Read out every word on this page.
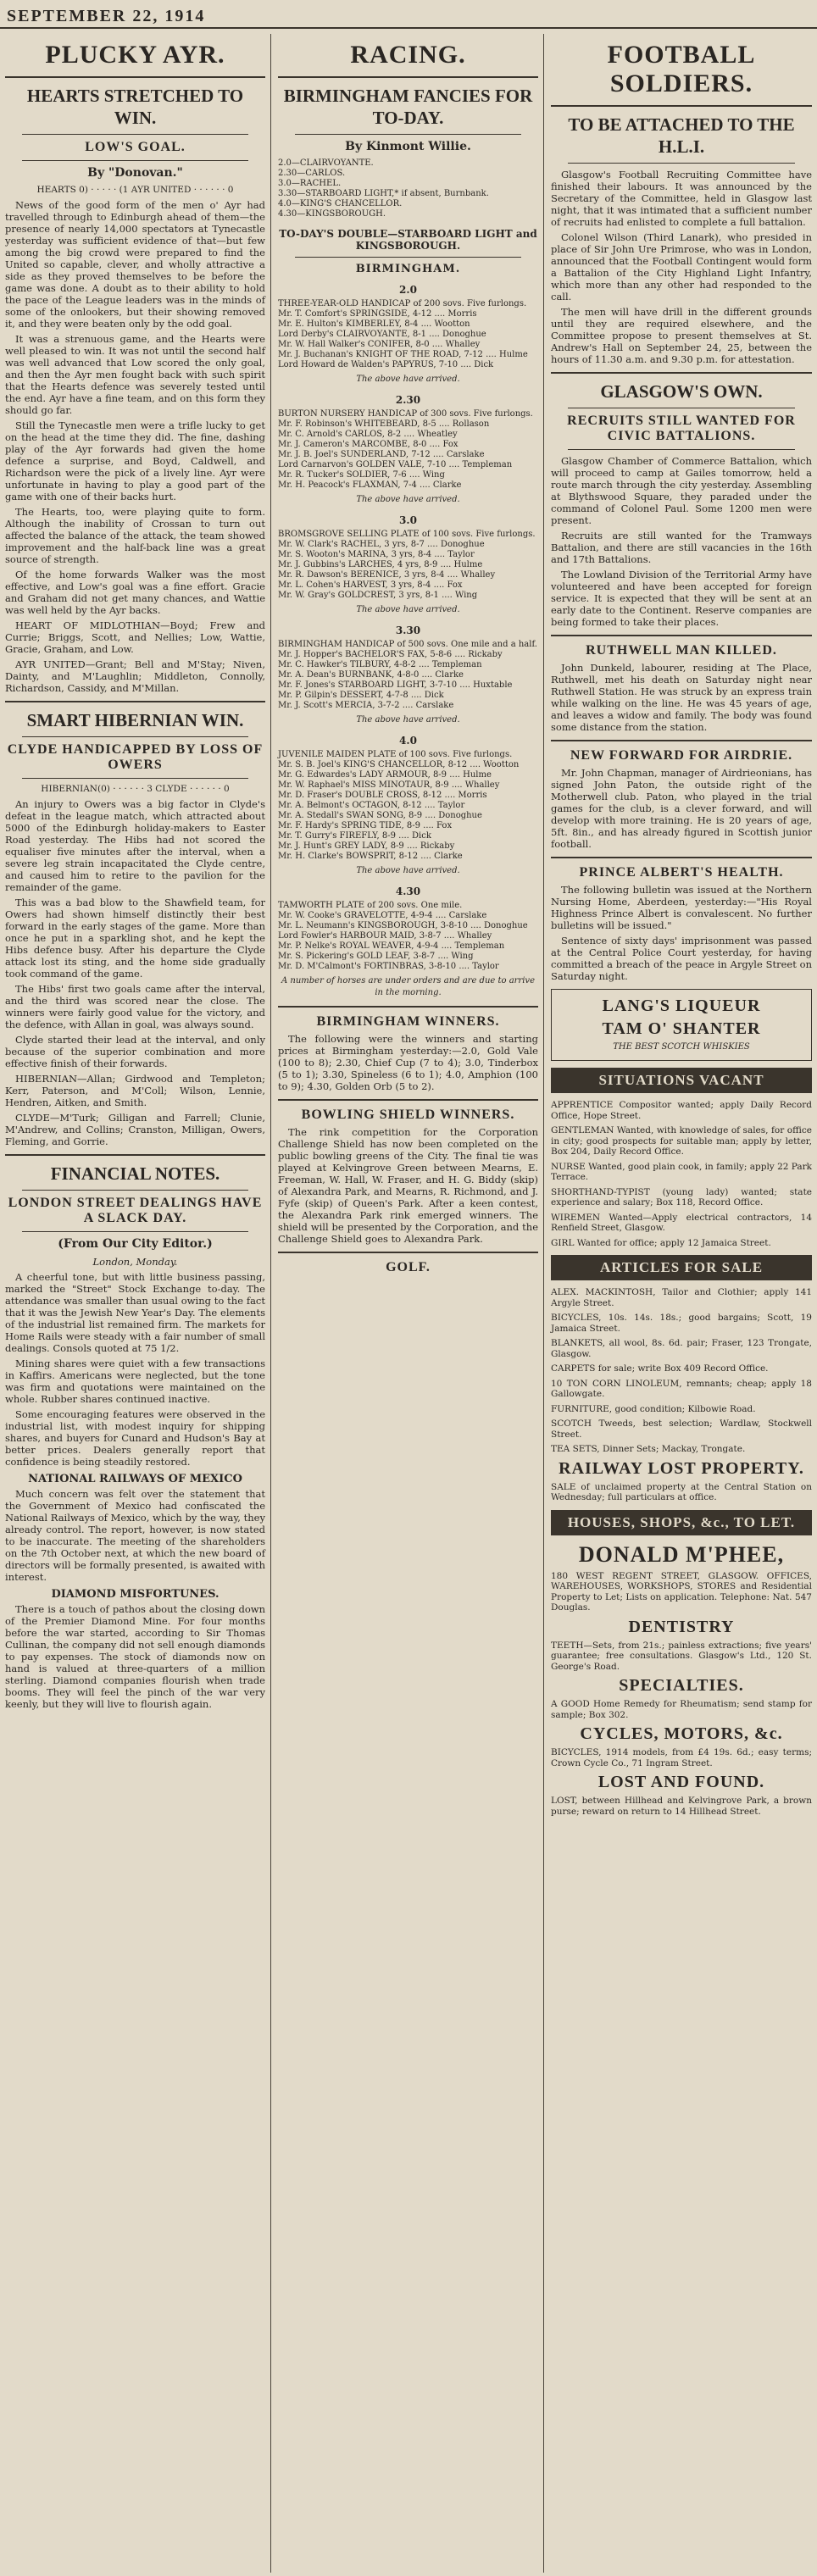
SEPTEMBER 22, 1914
PLUCKY AYR.
HEARTS STRETCHED TO WIN.
LOW'S GOAL.
By "Donovan."

HEARTS 0) · · · · · (1 AYR UNITED · · · · · · 0

News of the good form of the men o' Ayr had travelled through to Edinburgh ahead of them—the presence of nearly 14,000 spectators at Tynecastle yesterday was sufficient evidence of that—but few among the big crowd were prepared to find the United so capable, clever, and wholly attractive a side as they proved themselves to be before the game was done. A doubt as to their ability to hold the pace of the League leaders was in the minds of some of the onlookers, but their showing removed it, and they were beaten only by the odd goal.

It was a strenuous game, and the Hearts were well pleased to win. It was not until the second half was well advanced that Low scored the only goal, and then the Ayr men fought back with such spirit that the Hearts defence was severely tested until the end. Ayr have a fine team, and on this form they should go far.

Still the Tynecastle men were a trifle lucky to get on the head at the time they did. The fine, dashing play of the Ayr forwards had given the home defence a surprise, and Boyd, Caldwell, and Richardson were the pick of a lively line. Ayr were unfortunate in having to play a good part of the game with one of their backs hurt.

The Hearts, too, were playing quite to form. Although the inability of Crossan to turn out affected the balance of the attack, the team showed improvement and the half-back line was a great source of strength.

Of the home forwards Walker was the most effective, and Low's goal was a fine effort. Gracie and Graham did not get many chances, and Wattie was well held by the Ayr backs.

HEART OF MIDLOTHIAN—Boyd; Frew and Currie; Briggs, Scott, and Nellies; Low, Wattie, Gracie, Graham, and Low.

AYR UNITED—Grant; Bell and M'Stay; Niven, Dainty, and M'Laughlin; Middleton, Connolly, Richardson, Cassidy, and M'Millan.

SMART HIBERNIAN WIN.
CLYDE HANDICAPPED BY LOSS OF OWERS

HIBERNIAN(0) · · · · · · 3 CLYDE · · · · · · 0

An injury to Owers was a big factor in Clyde's defeat in the league match, which attracted about 5000 of the Edinburgh holiday-makers to Easter Road yesterday. The Hibs had not scored the equaliser five minutes after the interval, when a severe leg strain incapacitated the Clyde centre, and caused him to retire to the pavilion for the remainder of the game.

This was a bad blow to the Shawfield team, for Owers had shown himself distinctly their best forward in the early stages of the game. More than once he put in a sparkling shot, and he kept the Hibs defence busy. After his departure the Clyde attack lost its sting, and the home side gradually took command of the game.

The Hibs' first two goals came after the interval, and the third was scored near the close. The winners were fairly good value for the victory, and the defence, with Allan in goal, was always sound.

Clyde started their lead at the interval, and only because of the superior combination and more effective finish of their forwards.

HIBERNIAN—Allan; Girdwood and Templeton; Kerr, Paterson, and M'Coll; Wilson, Lennie, Hendren, Aitken, and Smith.

CLYDE—M'Turk; Gilligan and Farrell; Clunie, M'Andrew, and Collins; Cranston, Milligan, Owers, Fleming, and Gorrie.

FINANCIAL NOTES.
LONDON STREET DEALINGS HAVE A SLACK DAY.
(From Our City Editor.)

London, Monday.

A cheerful tone, but with little business passing, marked the "Street" Stock Exchange to-day. The attendance was smaller than usual owing to the fact that it was the Jewish New Year's Day. The elements of the industrial list remained firm. The markets for Home Rails were steady with a fair number of small dealings. Consols quoted at 75 1/2.

Mining shares were quiet with a few transactions in Kaffirs. Americans were neglected, but the tone was firm and quotations were maintained on the whole. Rubber shares continued inactive.

Some encouraging features were observed in the industrial list, with modest inquiry for shipping shares, and buyers for Cunard and Hudson's Bay at better prices. Dealers generally report that confidence is being steadily restored.

NATIONAL RAILWAYS OF MEXICO

Much concern was felt over the statement that the Government of Mexico had confiscated the National Railways of Mexico, which by the way, they already control. The report, however, is now stated to be inaccurate. The meeting of the shareholders on the 7th October next, at which the new board of directors will be formally presented, is awaited with interest.

DIAMOND MISFORTUNES.

There is a touch of pathos about the closing down of the Premier Diamond Mine. For four months before the war started, according to Sir Thomas Cullinan, the company did not sell enough diamonds to pay expenses. The stock of diamonds now on hand is valued at three-quarters of a million sterling. Diamond companies flourish when trade booms. They will feel the pinch of the war very keenly, but they will live to flourish again.

RACING.
BIRMINGHAM FANCIES FOR TO-DAY.
By Kinmont Willie.

2.0—CLAIRVOYANTE.

2.30—CARLOS.

3.0—RACHEL.

3.30—STARBOARD LIGHT,* if absent, Burnbank.

4.0—KING'S CHANCELLOR.

4.30—KINGSBOROUGH.

TO-DAY'S DOUBLE—STARBOARD LIGHT and KINGSBOROUGH.

BIRMINGHAM.

2.0

THREE-YEAR-OLD HANDICAP of 200 sovs. Five furlongs.

Mr. T. Comfort's SPRINGSIDE, 4-12 .... Morris

Mr. E. Hulton's KIMBERLEY, 8-4 .... Wootton

Lord Derby's CLAIRVOYANTE, 8-1 .... Donoghue

Mr. W. Hall Walker's CONIFER, 8-0 .... Whalley

Mr. J. Buchanan's KNIGHT OF THE ROAD, 7-12 .... Hulme

Lord Howard de Walden's PAPYRUS, 7-10 .... Dick

The above have arrived.

2.30

BURTON NURSERY HANDICAP of 300 sovs. Five furlongs.

Mr. F. Robinson's WHITEBEARD, 8-5 .... Rollason

Mr. C. Arnold's CARLOS, 8-2 .... Wheatley

Mr. J. Cameron's MARCOMBE, 8-0 .... Fox

Mr. J. B. Joel's SUNDERLAND, 7-12 .... Carslake

Lord Carnarvon's GOLDEN VALE, 7-10 .... Templeman

Mr. R. Tucker's SOLDIER, 7-6 .... Wing

Mr. H. Peacock's FLAXMAN, 7-4 .... Clarke

The above have arrived.

3.0

BROMSGROVE SELLING PLATE of 100 sovs. Five furlongs.

Mr. W. Clark's RACHEL, 3 yrs, 8-7 .... Donoghue

Mr. S. Wooton's MARINA, 3 yrs, 8-4 .... Taylor

Mr. J. Gubbins's LARCHES, 4 yrs, 8-9 .... Hulme

Mr. R. Dawson's BERENICE, 3 yrs, 8-4 .... Whalley

Mr. L. Cohen's HARVEST, 3 yrs, 8-4 .... Fox

Mr. W. Gray's GOLDCREST, 3 yrs, 8-1 .... Wing

The above have arrived.

3.30

BIRMINGHAM HANDICAP of 500 sovs. One mile and a half.

Mr. J. Hopper's BACHELOR'S FAX, 5-8-6 .... Rickaby

Mr. C. Hawker's TILBURY, 4-8-2 .... Templeman

Mr. A. Dean's BURNBANK, 4-8-0 .... Clarke

Mr. F. Jones's STARBOARD LIGHT, 3-7-10 .... Huxtable

Mr. P. Gilpin's DESSERT, 4-7-8 .... Dick

Mr. J. Scott's MERCIA, 3-7-2 .... Carslake

The above have arrived.

4.0

JUVENILE MAIDEN PLATE of 100 sovs. Five furlongs.

Mr. S. B. Joel's KING'S CHANCELLOR, 8-12 .... Wootton

Mr. G. Edwardes's LADY ARMOUR, 8-9 .... Hulme

Mr. W. Raphael's MISS MINOTAUR, 8-9 .... Whalley

Mr. D. Fraser's DOUBLE CROSS, 8-12 .... Morris

Mr. A. Belmont's OCTAGON, 8-12 .... Taylor

Mr. A. Stedall's SWAN SONG, 8-9 .... Donoghue

Mr. F. Hardy's SPRING TIDE, 8-9 .... Fox

Mr. T. Gurry's FIREFLY, 8-9 .... Dick

Mr. J. Hunt's GREY LADY, 8-9 .... Rickaby

Mr. H. Clarke's BOWSPRIT, 8-12 .... Clarke

The above have arrived.

4.30

TAMWORTH PLATE of 200 sovs. One mile.

Mr. W. Cooke's GRAVELOTTE, 4-9-4 .... Carslake

Mr. L. Neumann's KINGSBOROUGH, 3-8-10 .... Donoghue

Lord Fowler's HARBOUR MAID, 3-8-7 .... Whalley

Mr. P. Nelke's ROYAL WEAVER, 4-9-4 .... Templeman

Mr. S. Pickering's GOLD LEAF, 3-8-7 .... Wing

Mr. D. M'Calmont's FORTINBRAS, 3-8-10 .... Taylor

A number of horses are under orders and are due to arrive in the morning.

BIRMINGHAM WINNERS.

The following were the winners and starting prices at Birmingham yesterday:—2.0, Gold Vale (100 to 8); 2.30, Chief Cup (7 to 4); 3.0, Tinderbox (5 to 1); 3.30, Spineless (6 to 1); 4.0, Amphion (100 to 9); 4.30, Golden Orb (5 to 2).

BOWLING SHIELD WINNERS.

The rink competition for the Corporation Challenge Shield has now been completed on the public bowling greens of the City. The final tie was played at Kelvingrove Green between Mearns, E. Freeman, W. Hall, W. Fraser, and H. G. Biddy (skip) of Alexandra Park, and Mearns, R. Richmond, and J. Fyfe (skip) of Queen's Park. After a keen contest, the Alexandra Park rink emerged winners. The shield will be presented by the Corporation, and the Challenge Shield goes to Alexandra Park.

GOLF.
FOOTBALL SOLDIERS.
TO BE ATTACHED TO THE H.L.I.

Glasgow's Football Recruiting Committee have finished their labours. It was announced by the Secretary of the Committee, held in Glasgow last night, that it was intimated that a sufficient number of recruits had enlisted to complete a full battalion.

Colonel Wilson (Third Lanark), who presided in place of Sir John Ure Primrose, who was in London, announced that the Football Contingent would form a Battalion of the City Highland Light Infantry, which more than any other had responded to the call.

The men will have drill in the different grounds until they are required elsewhere, and the Committee propose to present themselves at St. Andrew's Hall on September 24, 25, between the hours of 11.30 a.m. and 9.30 p.m. for attestation.

GLASGOW'S OWN.
RECRUITS STILL WANTED FOR CIVIC BATTALIONS.

Glasgow Chamber of Commerce Battalion, which will proceed to camp at Gailes tomorrow, held a route march through the city yesterday. Assembling at Blythswood Square, they paraded under the command of Colonel Paul. Some 1200 men were present.

Recruits are still wanted for the Tramways Battalion, and there are still vacancies in the 16th and 17th Battalions.

The Lowland Division of the Territorial Army have volunteered and have been accepted for foreign service. It is expected that they will be sent at an early date to the Continent. Reserve companies are being formed to take their places.

RUTHWELL MAN KILLED.

John Dunkeld, labourer, residing at The Place, Ruthwell, met his death on Saturday night near Ruthwell Station. He was struck by an express train while walking on the line. He was 45 years of age, and leaves a widow and family. The body was found some distance from the station.

NEW FORWARD FOR AIRDRIE.

Mr. John Chapman, manager of Airdrieonians, has signed John Paton, the outside right of the Motherwell club. Paton, who played in the trial games for the club, is a clever forward, and will develop with more training. He is 20 years of age, 5ft. 8in., and has already figured in Scottish junior football.

PRINCE ALBERT'S HEALTH.

The following bulletin was issued at the Northern Nursing Home, Aberdeen, yesterday:—"His Royal Highness Prince Albert is convalescent. No further bulletins will be issued."

Sentence of sixty days' imprisonment was passed at the Central Police Court yesterday, for having committed a breach of the peace in Argyle Street on Saturday night.

LANG'S LIQUEUR
TAM O' SHANTER
THE BEST SCOTCH WHISKIES
SITUATIONS VACANT

APPRENTICE Compositor wanted; apply Daily Record Office, Hope Street.

GENTLEMAN Wanted, with knowledge of sales, for office in city; good prospects for suitable man; apply by letter, Box 204, Daily Record Office.

NURSE Wanted, good plain cook, in family; apply 22 Park Terrace.

SHORTHAND-TYPIST (young lady) wanted; state experience and salary; Box 118, Record Office.

WIREMEN Wanted—Apply electrical contractors, 14 Renfield Street, Glasgow.

GIRL Wanted for office; apply 12 Jamaica Street.

ARTICLES FOR SALE

ALEX. MACKINTOSH, Tailor and Clothier; apply 141 Argyle Street.

BICYCLES, 10s. 14s. 18s.; good bargains; Scott, 19 Jamaica Street.

BLANKETS, all wool, 8s. 6d. pair; Fraser, 123 Trongate, Glasgow.

CARPETS for sale; write Box 409 Record Office.

10 TON CORN LINOLEUM, remnants; cheap; apply 18 Gallowgate.

FURNITURE, good condition; Kilbowie Road.

SCOTCH Tweeds, best selection; Wardlaw, Stockwell Street.

TEA SETS, Dinner Sets; Mackay, Trongate.

RAILWAY LOST PROPERTY.

SALE of unclaimed property at the Central Station on Wednesday; full particulars at office.

HOUSES, SHOPS, &c., TO LET.
DONALD M'PHEE,

180 WEST REGENT STREET, GLASGOW. OFFICES, WAREHOUSES, WORKSHOPS, STORES and Residential Property to Let; Lists on application. Telephone: Nat. 547 Douglas.

DENTISTRY

TEETH—Sets, from 21s.; painless extractions; five years' guarantee; free consultations. Glasgow's Ltd., 120 St. George's Road.

SPECIALTIES.

A GOOD Home Remedy for Rheumatism; send stamp for sample; Box 302.

CYCLES, MOTORS, &c.

BICYCLES, 1914 models, from £4 19s. 6d.; easy terms; Crown Cycle Co., 71 Ingram Street.

LOST AND FOUND.

LOST, between Hillhead and Kelvingrove Park, a brown purse; reward on return to 14 Hillhead Street.
